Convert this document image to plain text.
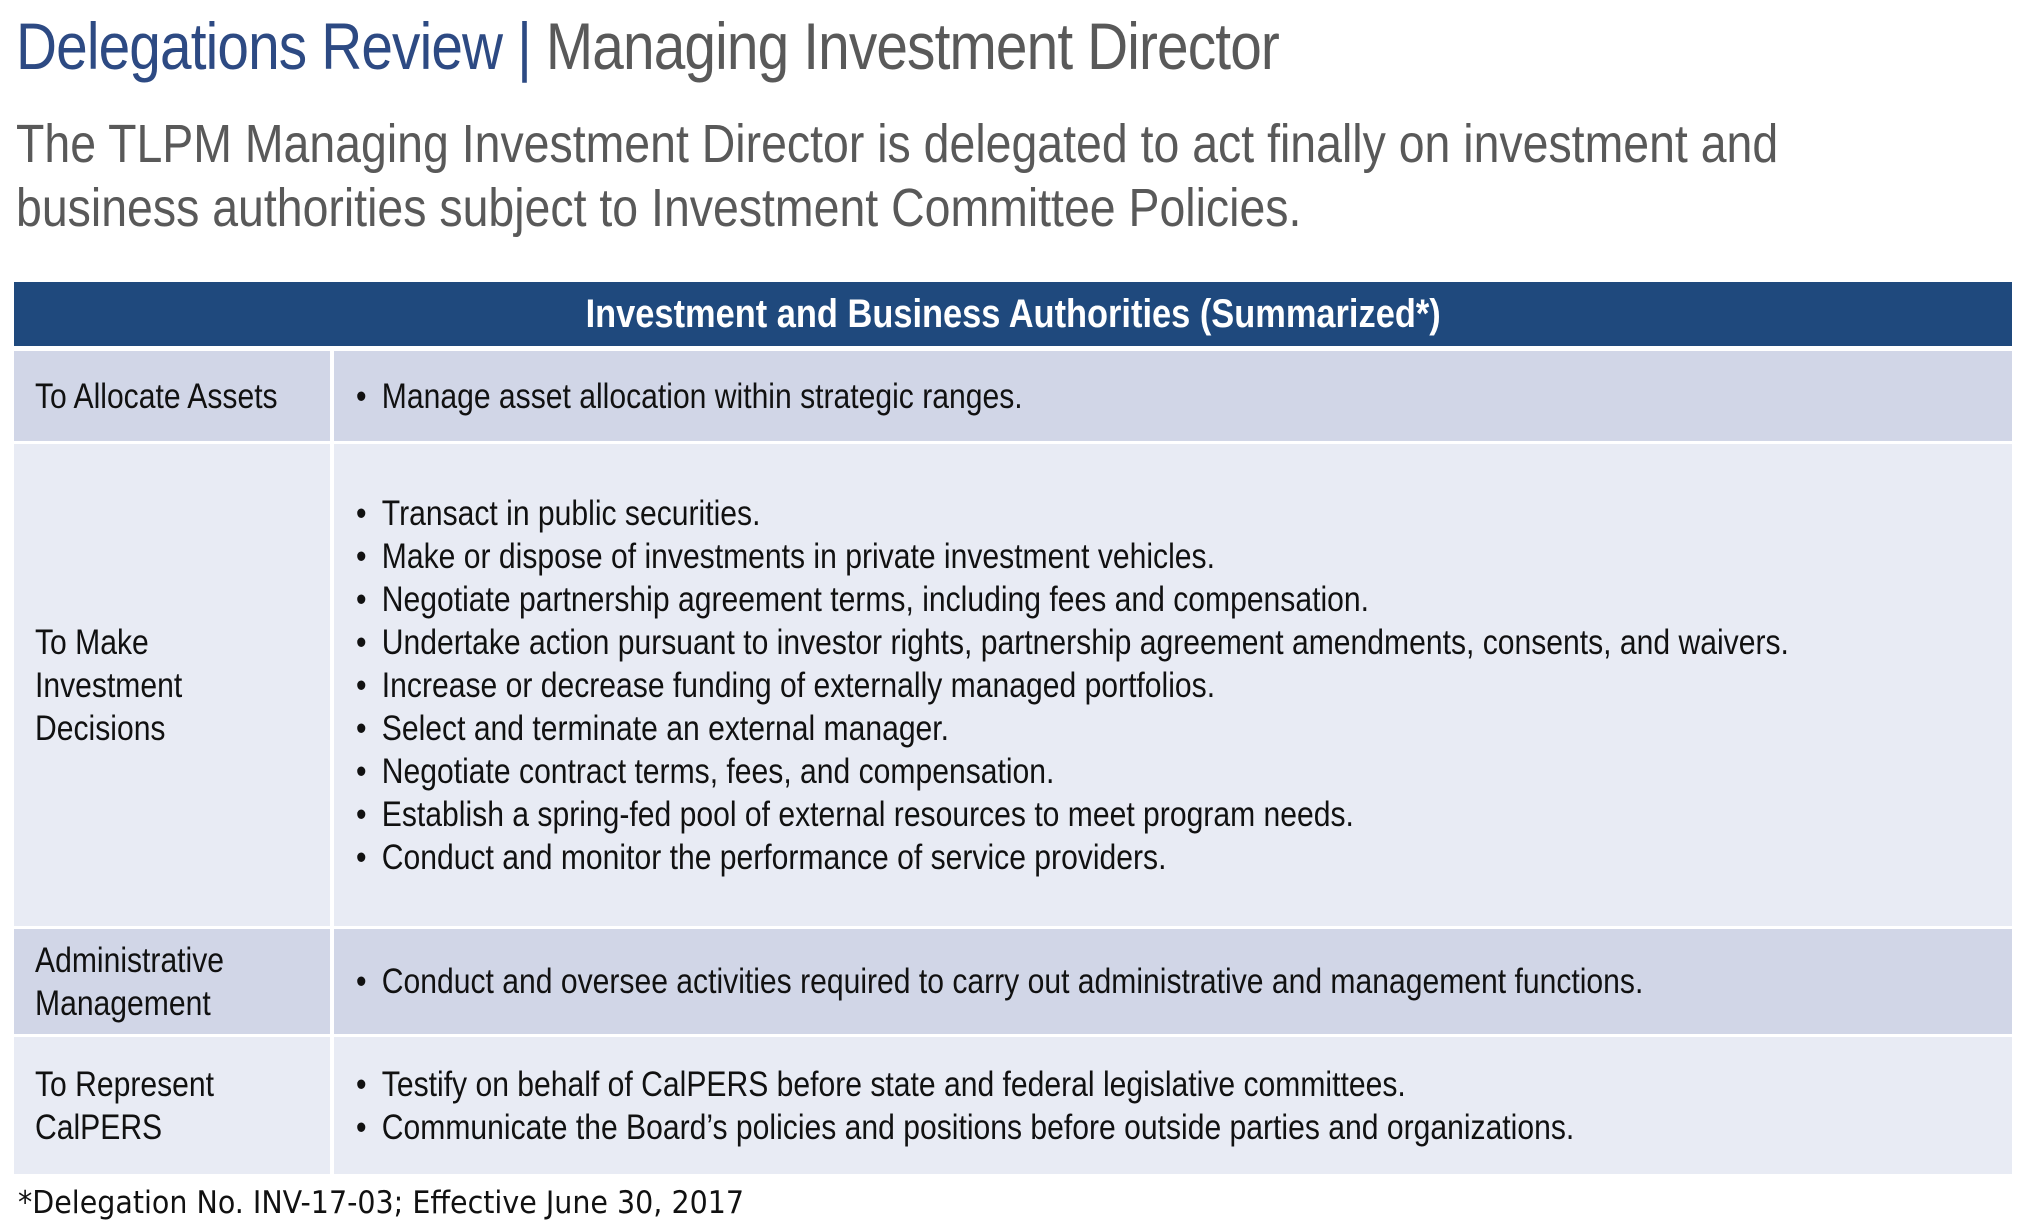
Delegations Review | Managing Investment Director
The TLPM Managing Investment Director is delegated to act finally on investment and business authorities subject to Investment Committee Policies.
Investment and Business Authorities (Summarized*)
To Allocate Assets
•	Manage asset allocation within strategic ranges.
To Make Investment Decisions
• Transact in public securities.
• Make or dispose of investments in private investment vehicles.
• Negotiate partnership agreement terms, including fees and compensation.
• Undertake action pursuant to investor rights, partnership agreement amendments, consents, and waivers.
• Increase or decrease funding of externally managed portfolios.
• Select and terminate an external manager.
• Negotiate contract terms, fees, and compensation.
• Establish a spring-fed pool of external resources to meet program needs.
• Conduct and monitor the performance of service providers.
Administrative Management
• Conduct and oversee activities required to carry out administrative and management functions.
To Represent CalPERS
• Testify on behalf of CalPERS before state and federal legislative committees.
• Communicate the Board’s policies and positions before outside parties and organizations.
*Delegation No. INV-17-03; Effective June 30, 2017
